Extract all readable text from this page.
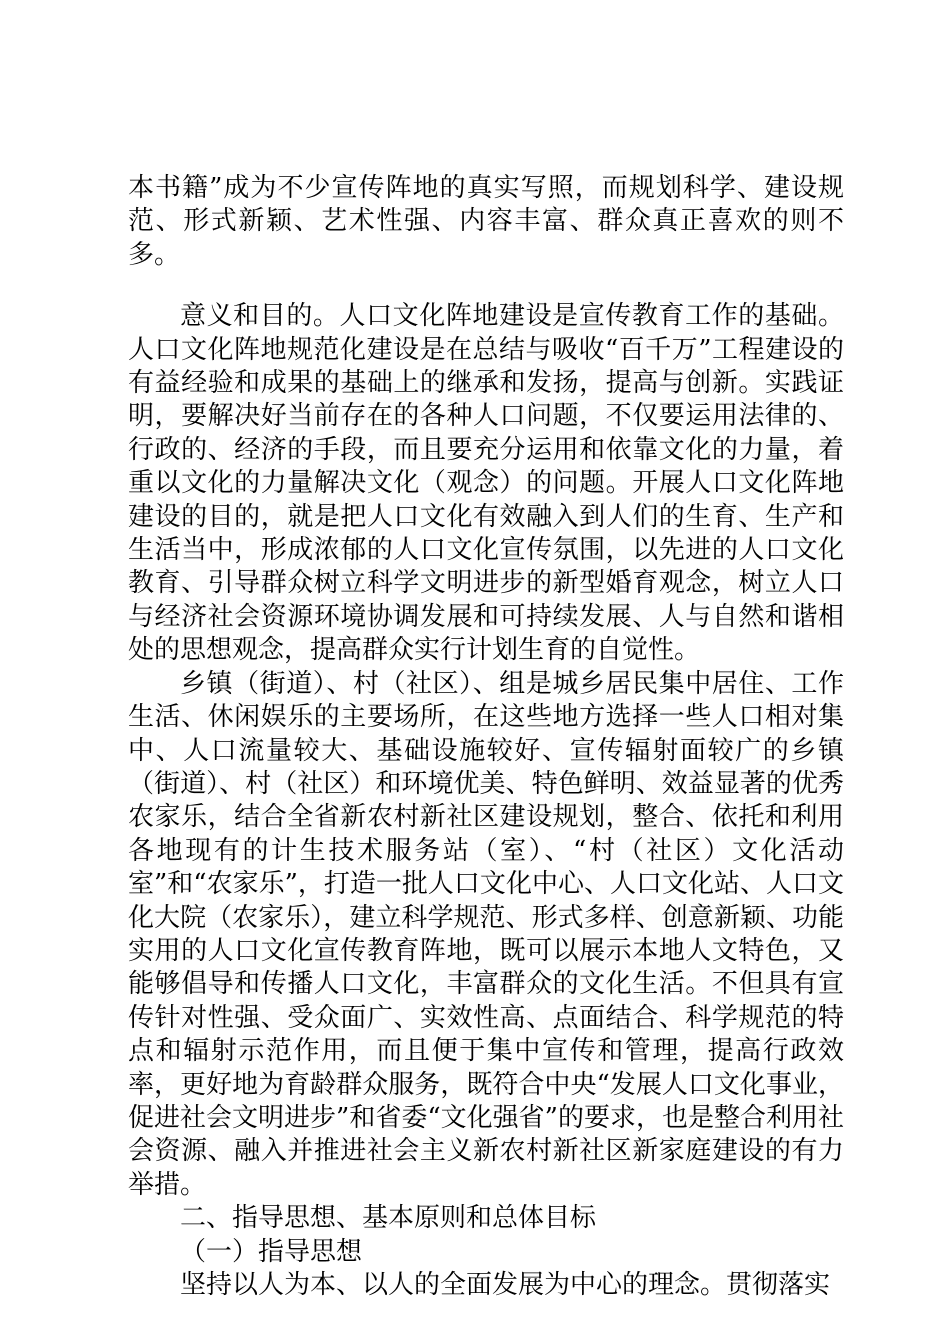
本书籍”成为不少宣传阵地的真实写照，而规划科学、建设规范、形式新颖、艺术性强、内容丰富、群众真正喜欢的则不多。

意义和目的。人口文化阵地建设是宣传教育工作的基础。人口文化阵地规范化建设是在总结与吸收“百千万”工程建设的有益经验和成果的基础上的继承和发扬，提高与创新。实践证明，要解决好当前存在的各种人口问题，不仅要运用法律的、行政的、经济的手段，而且要充分运用和依靠文化的力量，着重以文化的力量解决文化（观念）的问题。开展人口文化阵地建设的目的，就是把人口文化有效融入到人们的生育、生产和生活当中，形成浓郁的人口文化宣传氛围，以先进的人口文化教育、引导群众树立科学文明进步的新型婚育观念，树立人口与经济社会资源环境协调发展和可持续发展、人与自然和谐相处的思想观念，提高群众实行计划生育的自觉性。

乡镇（街道）、村（社区）、组是城乡居民集中居住、工作生活、休闲娱乐的主要场所，在这些地方选择一些人口相对集中、人口流量较大、基础设施较好、宣传辐射面较广的乡镇（街道）、村（社区）和环境优美、特色鲜明、效益显著的优秀农家乐，结合全省新农村新社区建设规划，整合、依托和利用各地现有的计生技术服务站（室）、“村（社区）文化活动室”和“农家乐”，打造一批人口文化中心、人口文化站、人口文化大院（农家乐），建立科学规范、形式多样、创意新颖、功能实用的人口文化宣传教育阵地，既可以展示本地人文特色，又能够倡导和传播人口文化，丰富群众的文化生活。不但具有宣传针对性强、受众面广、实效性高、点面结合、科学规范的特点和辐射示范作用，而且便于集中宣传和管理，提高行政效率，更好地为育龄群众服务，既符合中央“发展人口文化事业，促进社会文明进步”和省委“文化强省”的要求，也是整合利用社会资源、融入并推进社会主义新农村新社区新家庭建设的有力举措。

二、指导思想、基本原则和总体目标

（一）指导思想

坚持以人为本、以人的全面发展为中心的理念。贯彻落实
